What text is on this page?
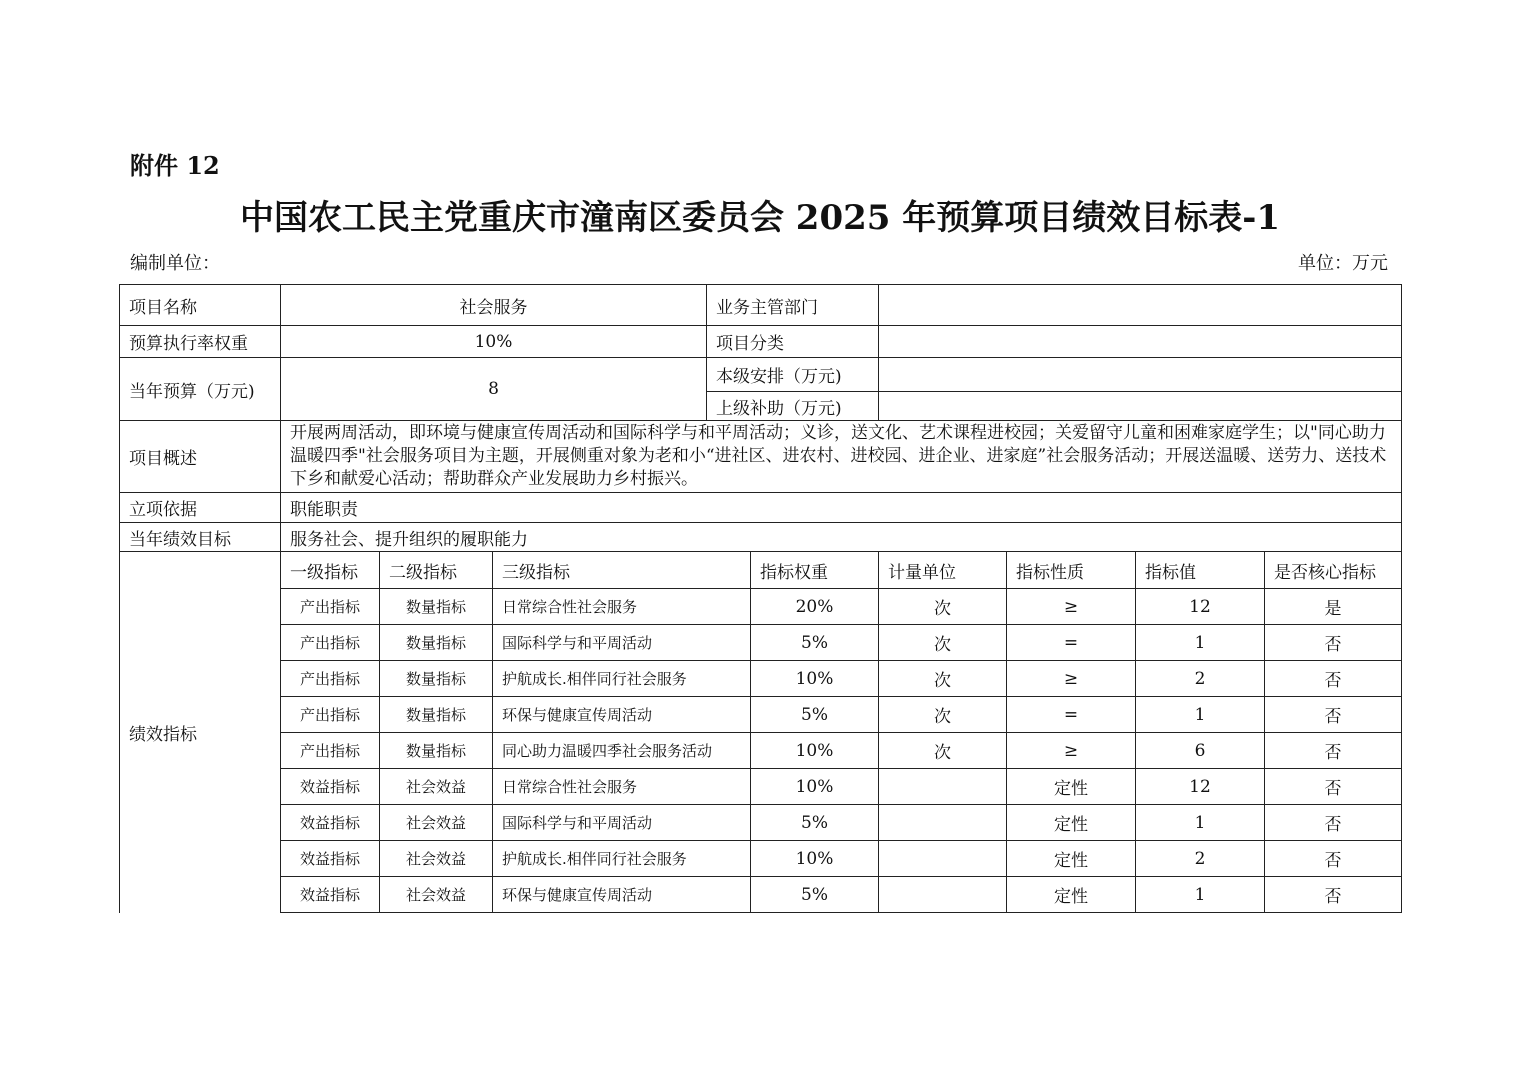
附件 12
中国农工民主党重庆市潼南区委员会 2025 年预算项目绩效目标表-1
编制单位：	单位：万元
项目名称	社会服务			业务主管部门					
预算执行率权重	10%			项目分类					
当年预算（万元)	8			本级安排（万元)					
				上级补助（万元)					
项目概述	开展两周活动，即环境与健康宣传周活动和国际科学与和平周活动；义诊，送文化、艺术课程进校园；关爱留守儿童和困难家庭学生；以"同心助力温暖四季"社会服务项目为主题，开展侧重对象为老和小“进社区、进农村、进校园、进企业、进家庭”社会服务活动；开展送温暖、送劳力、送技术下乡和献爱心活动；帮助群众产业发展助力乡村振兴。								
立项依据	职能职责								
当年绩效目标	服务社会、提升组织的履职能力								
绩效指标	一级指标	二级指标	三级指标		指标权重	计量单位	指标性质	指标值	是否核心指标
	产出指标	数量指标	日常综合性社会服务		20%	次	≥	12	是
	产出指标	数量指标	国际科学与和平周活动		5%	次	=	1	否
	产出指标	数量指标	护航成长.相伴同行社会服务		10%	次	≥	2	否
	产出指标	数量指标	环保与健康宣传周活动		5%	次	=	1	否
	产出指标	数量指标	同心助力温暖四季社会服务活动		10%	次	≥	6	否
	效益指标	社会效益	日常综合性社会服务		10%		定性	12	否
	效益指标	社会效益	国际科学与和平周活动		5%		定性	1	否
	效益指标	社会效益	护航成长.相伴同行社会服务		10%		定性	2	否
	效益指标	社会效益	环保与健康宣传周活动		5%		定性	1	否
